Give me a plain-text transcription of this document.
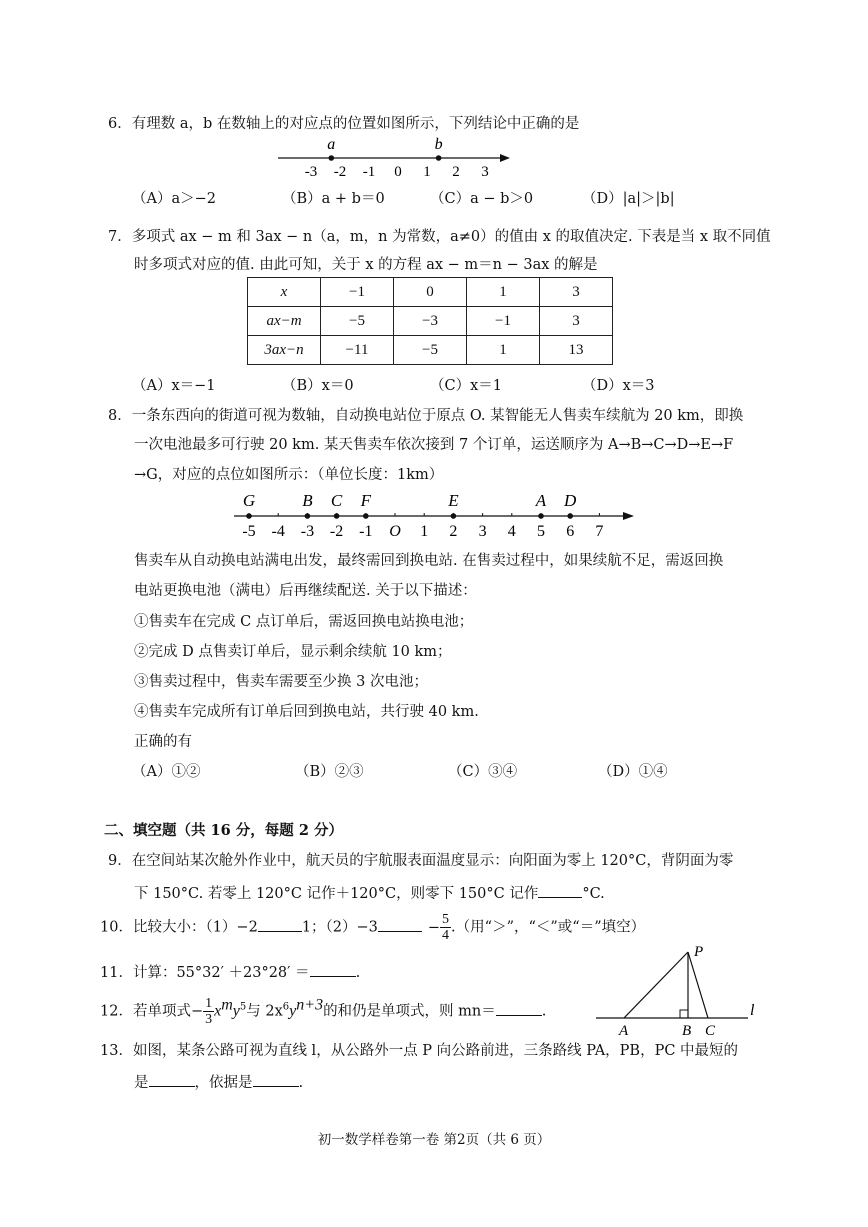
6．有理数 a，b 在数轴上的对应点的位置如图所示，下列结论中正确的是
-3 -2 -1 0 1 2 3
a	b
（A）a＞−2	（B）a + b＝0	（C）a − b＞0	（D）|a|＞|b|
7．多项式 ax − m 和 3ax − n（a，m，n 为常数，a≠0）的值由 x 的取值决定. 下表是当 x 取不同值
时多项式对应的值. 由此可知，关于 x 的方程 ax − m＝n − 3ax 的解是
x	−1	0	1	3
ax−m	−5	−3	−1	3
3ax−n	−11	−5	1	13
（A）x＝−1	（B）x＝0	（C）x＝1	（D）x＝3
8．一条东西向的街道可视为数轴，自动换电站位于原点 O. 某智能无人售卖车续航为 20 km，即换
一次电池最多可行驶 20 km. 某天售卖车依次接到 7 个订单，运送顺序为 A→B→C→D→E→F
→G，对应的点位如图所示：（单位长度：1km）
-5 -4 -3 -2 -1 O 1 2 3 4 5 6 7
G	B C F	E	A D
售卖车从自动换电站满电出发，最终需回到换电站. 在售卖过程中，如果续航不足，需返回换
电站更换电池（满电）后再继续配送. 关于以下描述：
①售卖车在完成 C 点订单后，需返回换电站换电池；
②完成 D 点售卖订单后，显示剩余续航 10 km；
③售卖过程中，售卖车需要至少换 3 次电池；
④售卖车完成所有订单后回到换电站，共行驶 40 km.
正确的有
（A）①②	（B）②③	（C）③④	（D）①④
二、填空题（共 16 分，每题 2 分）
9．在空间站某次舱外作业中，航天员的宇航服表面温度显示：向阳面为零上 120°C，背阴面为零
下 150°C. 若零上 120°C 记作＋120°C，则零下 150°C 记作	°C.
10．比较大小：（1）−2	1；（2）−3	− $\frac{5}{4}$ .（用“＞”，“＜”或“＝”填空）
11．计算：55°32′ ＋23°28′ ＝	.
12．若单项式− $\frac{1}{3} x^my^5$与 $2x^6y^{n+3}$的和仍是单项式，则 mn＝	.
P
A	B C
l
13．如图，某条公路可视为直线 l，从公路外一点 P 向公路前进，三条路线 PA，PB，PC 中最短的
是	，依据是	.
初一数学样卷第一卷 第2页（共 6 页）
